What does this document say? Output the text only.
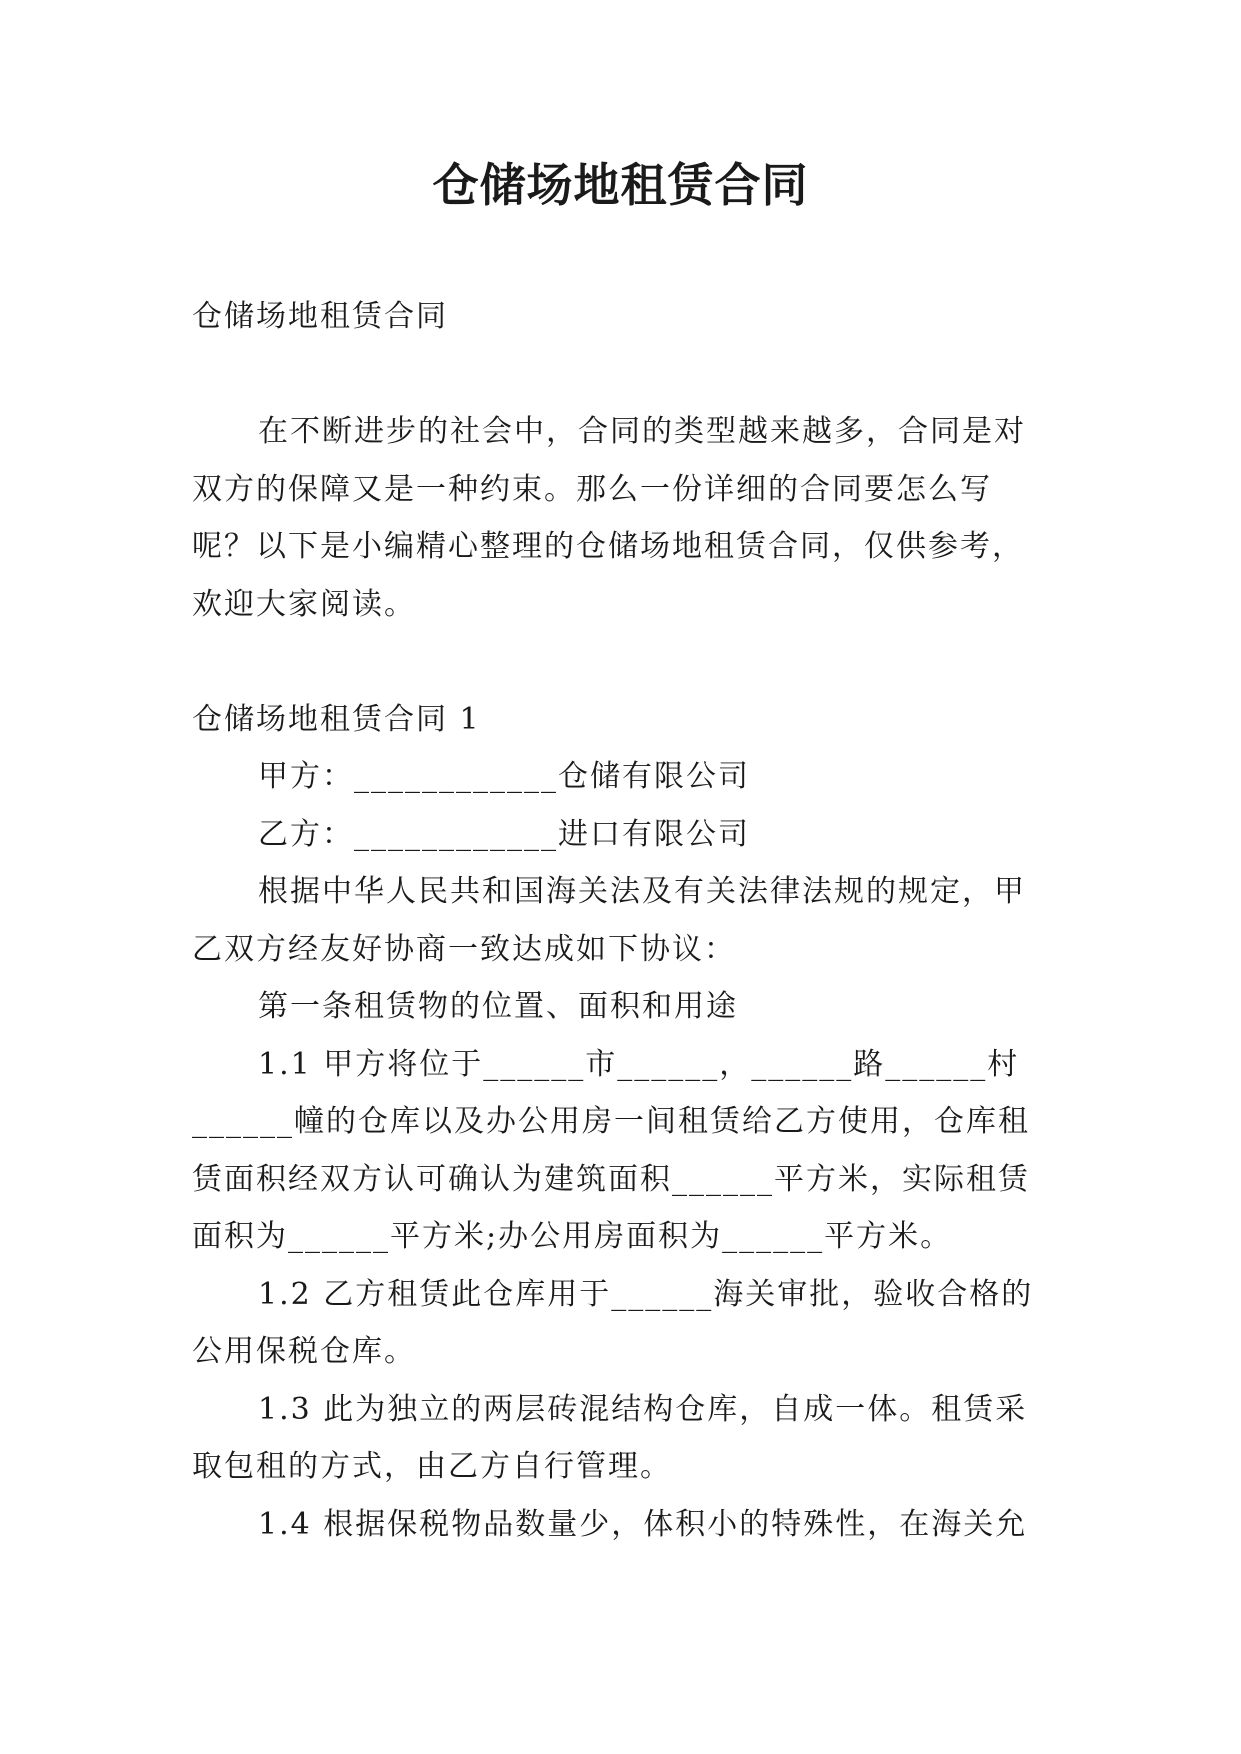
仓储场地租赁合同

仓储场地租赁合同

在不断进步的社会中，合同的类型越来越多，合同是对

双方的保障又是一种约束。那么一份详细的合同要怎么写

呢？以下是小编精心整理的仓储场地租赁合同，仅供参考，

欢迎大家阅读。

仓储场地租赁合同 1

甲方：____________仓储有限公司

乙方：____________进口有限公司

根据中华人民共和国海关法及有关法律法规的规定，甲

乙双方经友好协商一致达成如下协议：

第一条租赁物的位置、面积和用途

1.1 甲方将位于______市______，______路______村

______幢的仓库以及办公用房一间租赁给乙方使用，仓库租

赁面积经双方认可确认为建筑面积______平方米，实际租赁

面积为______平方米;办公用房面积为______平方米。

1.2 乙方租赁此仓库用于______海关审批，验收合格的

公用保税仓库。

1.3 此为独立的两层砖混结构仓库，自成一体。租赁采

取包租的方式，由乙方自行管理。

1.4 根据保税物品数量少，体积小的特殊性，在海关允
